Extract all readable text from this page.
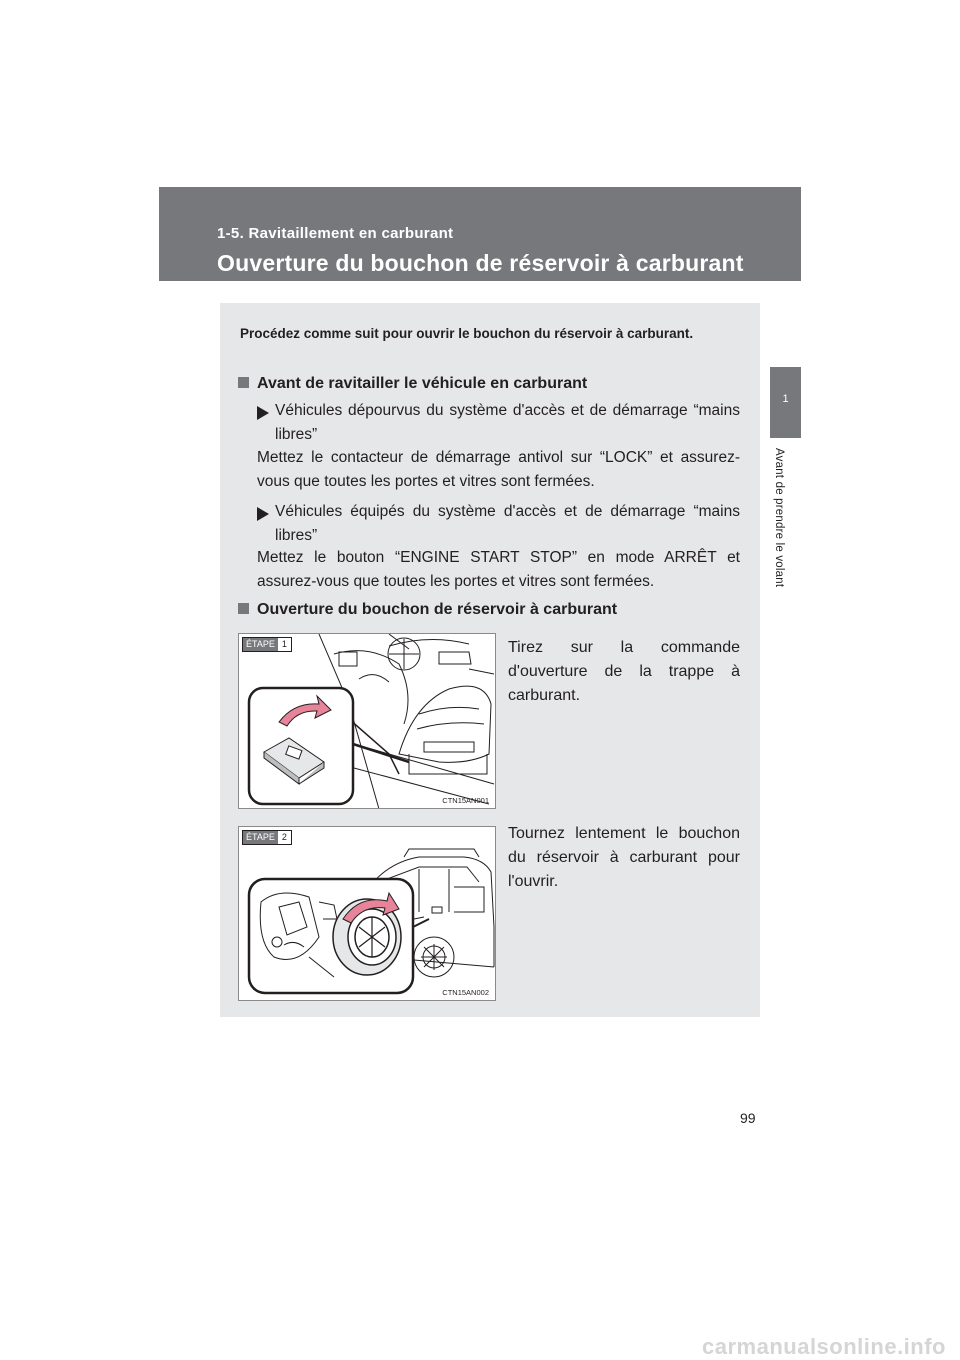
1-5. Ravitaillement en carburant
Ouverture du bouchon de réservoir à carburant
1
Avant de prendre le volant

Procédez comme suit pour ouvrir le bouchon du réservoir à carburant.

Avant de ravitailler le véhicule en carburant
Véhicules dépourvus du système d'accès et de démarrage “mains libres”

Mettez le contacteur de démarrage antivol sur “LOCK” et assurez-vous que toutes les portes et vitres sont fermées.

Véhicules équipés du système d'accès et de démarrage “mains libres”

Mettez le bouton “ENGINE START STOP” en mode ARRÊT et assurez-vous que toutes les portes et vitres sont fermées.

Ouverture du bouchon de réservoir à carburant
ÉTAPE 1
CTN15AN001

Tirez sur la commande d'ouverture de la trappe à carburant.

ÉTAPE 2
CTN15AN002

Tournez lentement le bouchon du réservoir à carburant pour l'ouvrir.

99
carmanualsonline.info
